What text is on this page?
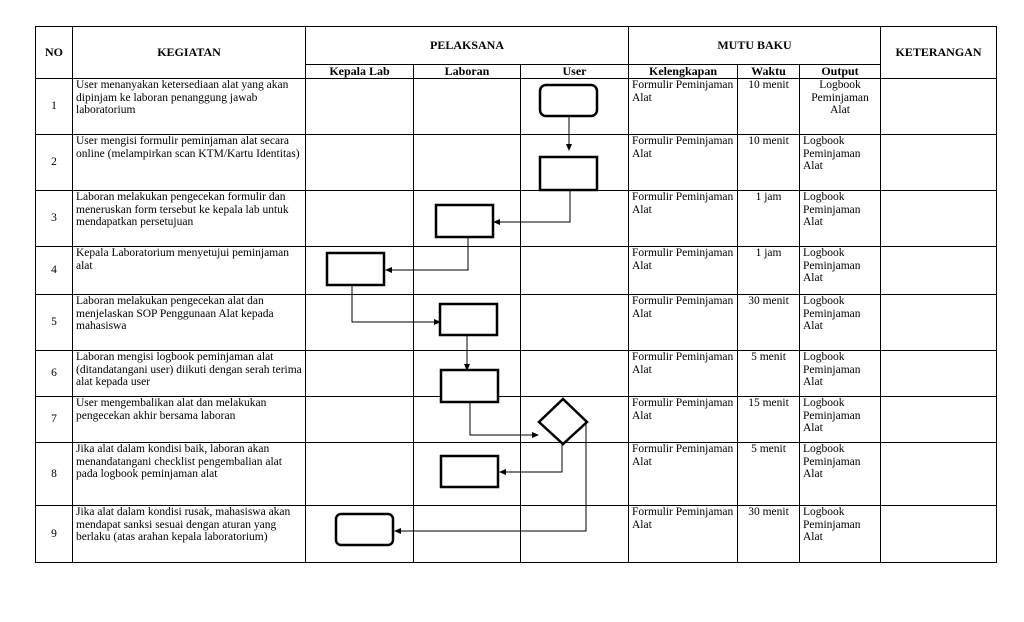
NO	KEGIATAN	PELAKSANA			MUTU BAKU			KETERANGAN
		Kepala Lab	Laboran	User	Kelengkapan	Waktu	Output	
1	User menanyakan ketersediaan alat yang akan dipinjam ke laboran penanggung jawab laboratorium				Formulir Peminjaman Alat	10 menit	Logbook Peminjaman Alat	
2	User mengisi formulir peminjaman alat secara online (melampirkan scan KTM/Kartu Identitas)				Formulir Peminjaman Alat	10 menit	Logbook Peminjaman Alat	
3	Laboran melakukan pengecekan formulir dan meneruskan form tersebut ke kepala lab untuk mendapatkan persetujuan				Formulir Peminjaman Alat	1 jam	Logbook Peminjaman Alat	
4	Kepala Laboratorium menyetujui peminjaman alat				Formulir Peminjaman Alat	1 jam	Logbook Peminjaman Alat	
5	Laboran melakukan pengecekan alat dan menjelaskan SOP Penggunaan Alat kepada mahasiswa				Formulir Peminjaman Alat	30 menit	Logbook Peminjaman Alat	
6	Laboran mengisi logbook peminjaman alat (ditandatangani user) diikuti dengan serah terima alat kepada user				Formulir Peminjaman Alat	5 menit	Logbook Peminjaman Alat	
7	User mengembalikan alat dan melakukan pengecekan akhir bersama laboran				Formulir Peminjaman Alat	15 menit	Logbook Peminjaman Alat	
8	Jika alat dalam kondisi baik, laboran akan menandatangani checklist pengembalian alat pada logbook peminjaman alat				Formulir Peminjaman Alat	5 menit	Logbook Peminjaman Alat	
9	Jika alat dalam kondisi rusak, mahasiswa akan mendapat sanksi sesuai dengan aturan yang berlaku (atas arahan kepala laboratorium)				Formulir Peminjaman Alat	30 menit	Logbook Peminjaman Alat	
